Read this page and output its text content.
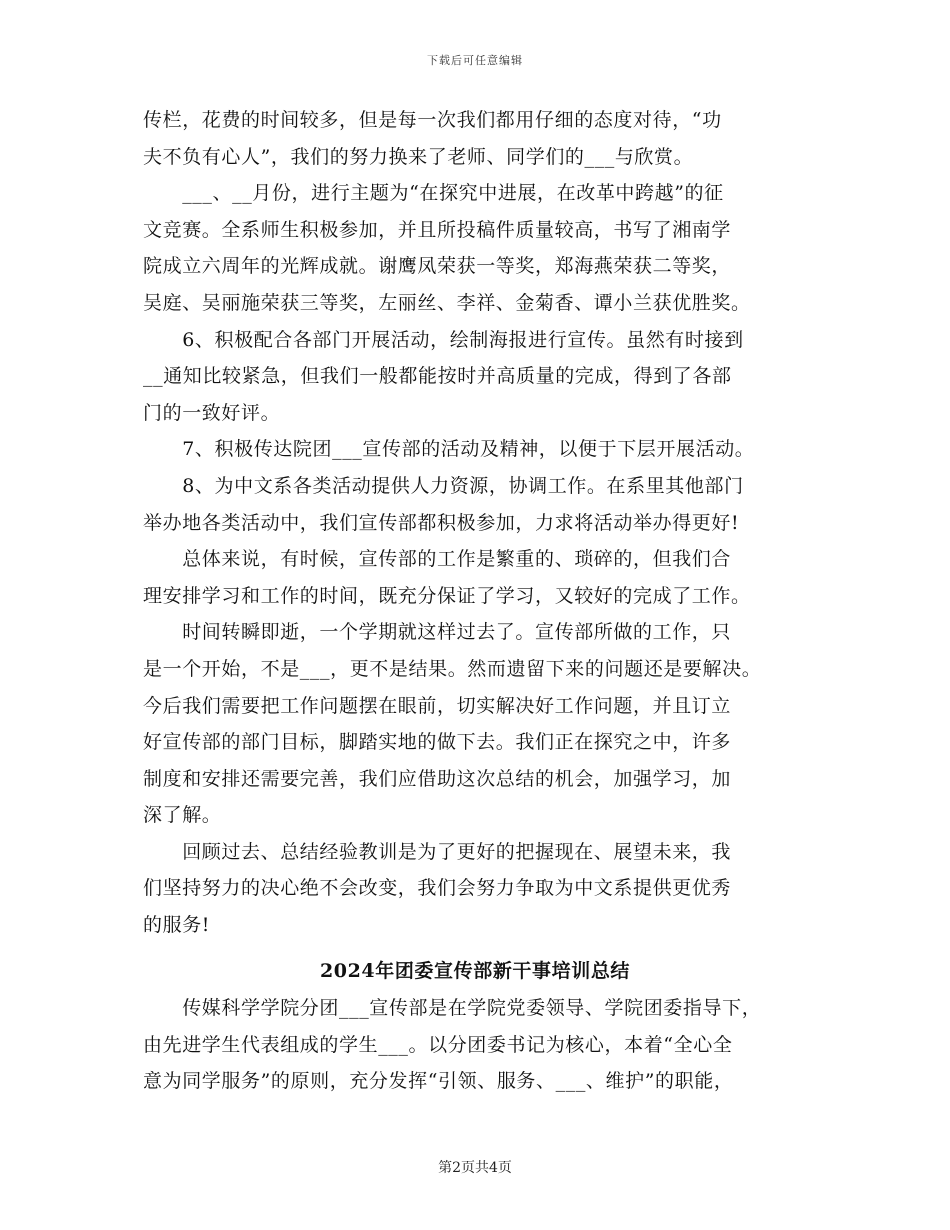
下载后可任意编辑

传栏，花费的时间较多，但是每一次我们都用仔细的态度对待，“功

夫不负有心人”，我们的努力换来了老师、同学们的___与欣赏。

　　___、__月份，进行主题为“在探究中进展，在改革中跨越”的征

文竞赛。全系师生积极参加，并且所投稿件质量较高，书写了湘南学

院成立六周年的光辉成就。谢鹰凤荣获一等奖，郑海燕荣获二等奖，

吴庭、吴丽施荣获三等奖，左丽丝、李祥、金菊香、谭小兰获优胜奖。

　　6、积极配合各部门开展活动，绘制海报进行宣传。虽然有时接到

__通知比较紧急，但我们一般都能按时并高质量的完成，得到了各部

门的一致好评。

　　7、积极传达院团___宣传部的活动及精神，以便于下层开展活动。

　　8、为中文系各类活动提供人力资源，协调工作。在系里其他部门

举办地各类活动中，我们宣传部都积极参加，力求将活动举办得更好!

　　总体来说，有时候，宣传部的工作是繁重的、琐碎的，但我们合

理安排学习和工作的时间，既充分保证了学习，又较好的完成了工作。

　　时间转瞬即逝，一个学期就这样过去了。宣传部所做的工作，只

是一个开始，不是___，更不是结果。然而遗留下来的问题还是要解决。

今后我们需要把工作问题摆在眼前，切实解决好工作问题，并且订立

好宣传部的部门目标，脚踏实地的做下去。我们正在探究之中，许多

制度和安排还需要完善，我们应借助这次总结的机会，加强学习，加

深了解。

　　回顾过去、总结经验教训是为了更好的把握现在、展望未来，我

们坚持努力的决心绝不会改变，我们会努力争取为中文系提供更优秀

的服务!

2024年团委宣传部新干事培训总结

　　传媒科学学院分团___宣传部是在学院党委领导、学院团委指导下，

由先进学生代表组成的学生___。以分团委书记为核心，本着“全心全

意为同学服务”的原则，充分发挥“引领、服务、___、维护”的职能，

第2页共4页
